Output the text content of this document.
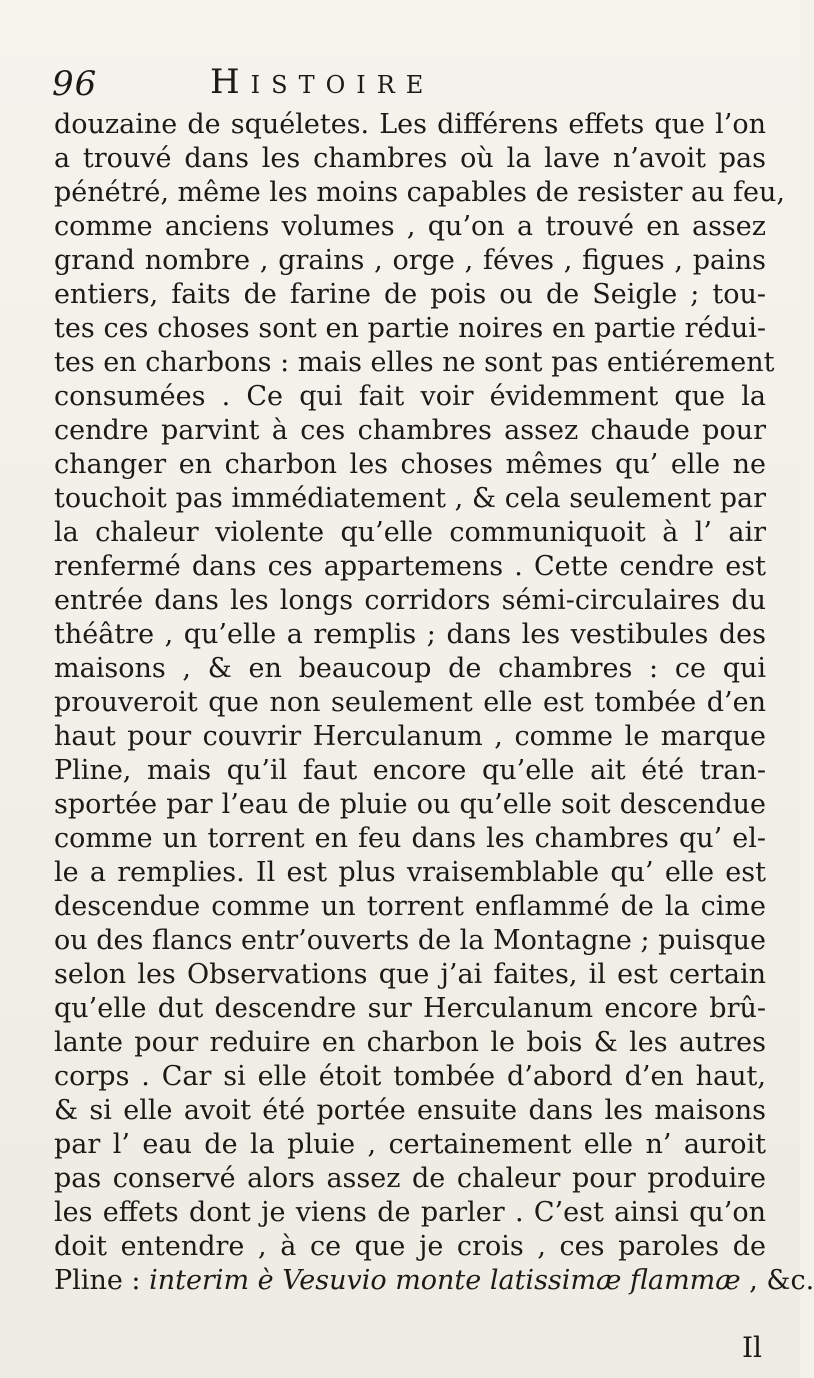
96	Histoire
douzaine de squéletes. Les différens effets que l’on
a trouvé dans les chambres où la lave n’avoit pas
pénétré, même les moins capables de resister au feu,
comme anciens volumes , qu’on a trouvé en assez
grand nombre , grains , orge , féves , figues , pains
entiers, faits de farine de pois ou de Seigle ; tou-
tes ces choses sont en partie noires en partie rédui-
tes en charbons : mais elles ne sont pas entiérement
consumées . Ce qui fait voir évidemment que la
cendre parvint à ces chambres assez chaude pour
changer en charbon les choses mêmes qu’ elle ne
touchoit pas immédiatement , & cela seulement par
la chaleur violente qu’elle communiquoit à l’ air
renfermé dans ces appartemens . Cette cendre est
entrée dans les longs corridors sémi-circulaires du
théâtre , qu’elle a remplis ; dans les vestibules des
maisons , & en beaucoup de chambres : ce qui
prouveroit que non seulement elle est tombée d’en
haut pour couvrir Herculanum , comme le marque
Pline, mais qu’il faut encore qu’elle ait été tran-
sportée par l’eau de pluie ou qu’elle soit descendue
comme un torrent en feu dans les chambres qu’ el-
le a remplies. Il est plus vraisemblable qu’ elle est
descendue comme un torrent enflammé de la cime
ou des flancs entr’ouverts de la Montagne ; puisque
selon les Observations que j’ai faites, il est certain
qu’elle dut descendre sur Herculanum encore brû-
lante pour reduire en charbon le bois & les autres
corps . Car si elle étoit tombée d’abord d’en haut,
& si elle avoit été portée ensuite dans les maisons
par l’ eau de la pluie , certainement elle n’ auroit
pas conservé alors assez de chaleur pour produire
les effets dont je viens de parler . C’est ainsi qu’on
doit entendre , à ce que je crois , ces paroles de
Pline : interim è Vesuvio monte latissimæ flammæ , &c.
Il
